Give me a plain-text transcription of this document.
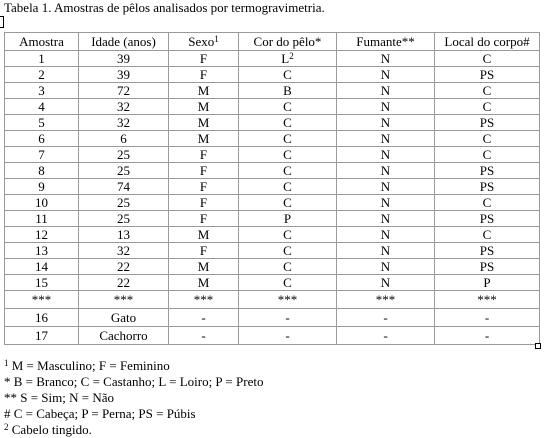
Tabela 1. Amostras de pêlos analisados por termogravimetria.
Amostra	Idade (anos)	Sexo$^1$	Cor do pêlo*	Fumante**	Local do corpo#
1	39	F	$L^2$	N	C
2	39	F	C	N	PS
3	72	M	B	N	C
4	32	M	C	N	C
5	32	M	C	N	PS
6	6	M	C	N	C
7	25	F	C	N	C
8	25	F	C	N	PS
9	74	F	C	N	PS
10	25	F	C	N	C
11	25	F	P	N	PS
12	13	M	C	N	C
13	32	F	C	N	PS
14	22	M	C	N	PS
15	22	M	C	N	P
***	***	***	***	***	***
16	Gato	-	-	-	-
17	Cachorro	-	-	-	-
$^1$ M = Masculino; F = Feminino
* B = Branco; C = Castanho; L = Loiro; P = Preto
** S = Sim; N = Não
# C = Cabeça; P = Perna; PS = Púbis
$^2$ Cabelo tingido.
